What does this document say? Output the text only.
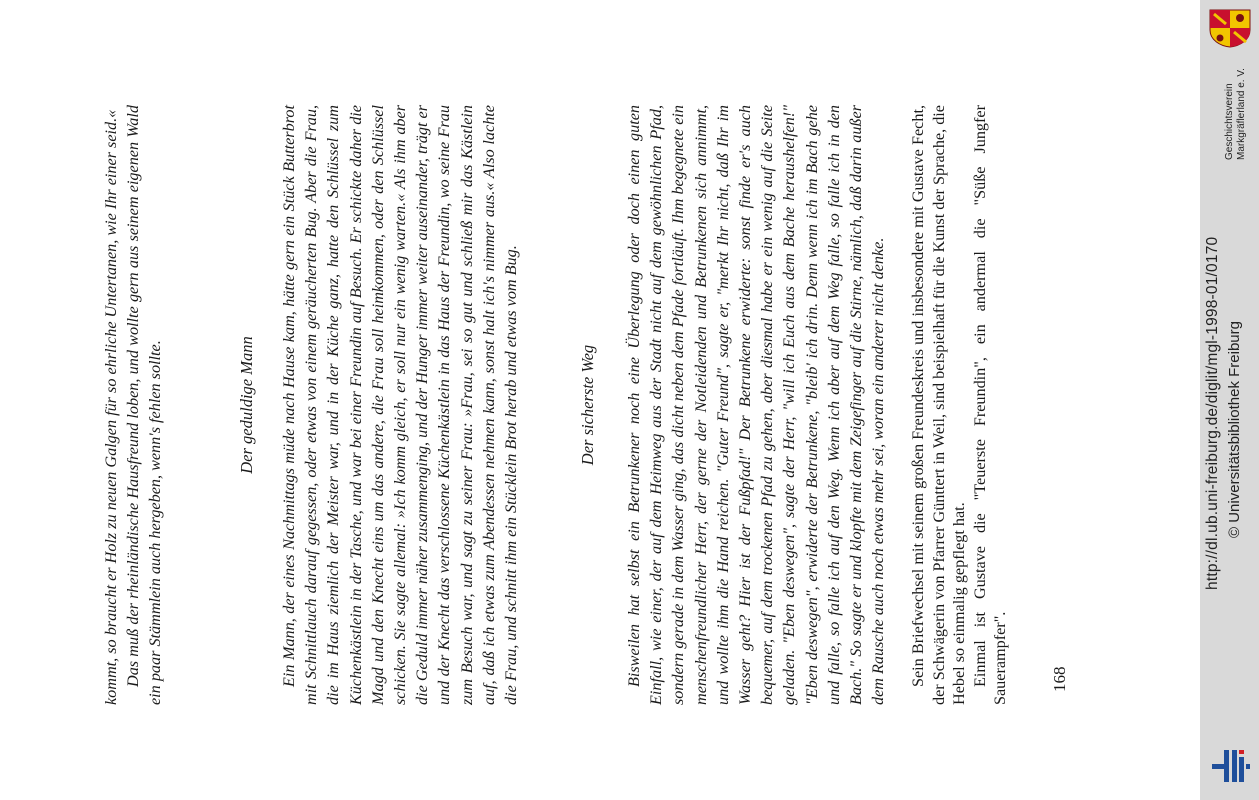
kommt, so braucht er Holz zu neuen Galgen für so ehrliche Untertanen, wie Ihr einer seid.« Das muß der rheinländische Hausfreund loben, und wollte gern aus seinem eigenen Wald ein paar Stämmlein auch hergeben, wenn's fehlen sollte.	Der geduldige Mann Ein Mann, der eines Nachmittags müde nach Hause kam, hätte gern ein Stück Butterbrot mit Schnittlauch darauf gegessen, oder etwas von einem geräucherten Bug. Aber die Frau, die im Haus ziemlich der Meister war, und in der Küche ganz, hatte den Schlüssel zum Küchenkästlein in der Tasche, und war bei einer Freundin auf Besuch. Er schickte daher die Magd und den Knecht eins um das andere, die Frau soll heimkommen, oder den Schlüssel schicken. Sie sagte allemal: »Ich komm gleich, er soll nur ein wenig warten.« Als ihm aber die Geduld immer näher zusammenging, und der Hunger immer weiter auseinander, trägt er und der Knecht das verschlossene Küchenkästlein in das Haus der Freundin, wo seine Frau zum Besuch war, und sagt zu seiner Frau: »Frau, sei so gut und schließ mir das Kästlein auf, daß ich etwas zum Abendessen nehmen kann, sonst halt ich's nimmer aus.« Also lachte die Frau, und schnitt ihm ein Stücklein Brot herab und etwas vom Bug.	Der sicherste Weg Bisweilen hat selbst ein Betrunkener noch eine Überlegung oder doch einen guten Einfall, wie einer, der auf dem Heimweg aus der Stadt nicht auf dem gewöhnlichen Pfad, sondern gerade in dem Wasser ging, das dicht neben dem Pfade fortläuft. Ihm begegnete ein menschenfreundlicher Herr, der gerne der Notleidenden und Betrunkenen sich annimmt, und wollte ihm die Hand reichen. "Guter Freund", sagte er, "merkt Ihr nicht, daß Ihr im Wasser geht? Hier ist der Fußpfad!" Der Betrunkene erwiderte: sonst finde er's auch bequemer, auf dem trockenen Pfad zu gehen, aber diesmal habe er ein wenig auf die Seite geladen. "Eben deswegen", sagte der Herr, "will ich Euch aus dem Bache heraushelfen!" "Eben deswegen", erwiderte der Betrunkene, "bleib' ich drin. Denn wenn ich im Bach gehe und falle, so falle ich auf den Weg. Wenn ich aber auf dem Weg falle, so falle ich in den Bach." So sagte er und klopfte mit dem Zeigefinger auf die Stirne, nämlich, daß darin außer dem Rausche auch noch etwas mehr sei, woran ein anderer nicht denke. Sein Briefwechsel mit seinem großen Freundeskreis und insbesondere mit Gustave Fecht, der Schwägerin von Pfarrer Günttert in Weil, sind beispielhaft für die Kunst der Sprache, die Hebel so einmalig gepflegt hat. Einmal ist Gustave die "Teuerste Freundin", ein andermal die "Süße Jungfer Sauerampfer". 168
http://dl.ub.uni-freiburg.de/diglit/mgl-1998-01/0170 © Universitätsbibliothek Freiburg
Geschichtsverein Markgräflerland e. V.
